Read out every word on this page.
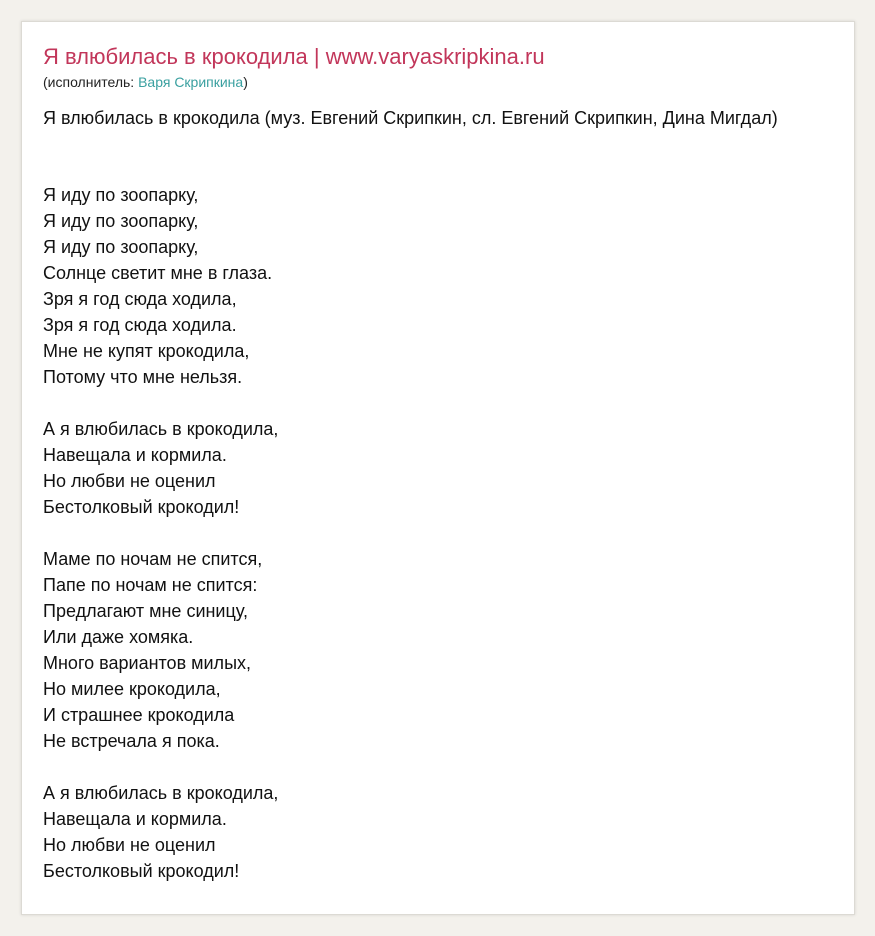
Я влюбилась в крокодила | www.varyaskripkina.ru
(исполнитель: Варя Скрипкина)
Я влюбилась в крокодила (муз. Евгений Скрипкин, сл. Евгений Скрипкин, Дина Мигдал)
Я иду по зоопарку,
Я иду по зоопарку,
Я иду по зоопарку,
Солнце светит мне в глаза.
Зря я год сюда ходила,
Зря я год сюда ходила.
Мне не купят крокодила,
Потому что мне нельзя.
А я влюбилась в крокодила,
Навещала и кормила.
Но любви не оценил
Бестолковый крокодил!
Маме по ночам не спится,
Папе по ночам не спится:
Предлагают мне синицу,
Или даже хомяка.
Много вариантов милых,
Но милее крокодила,
И страшнее крокодила
Не встречала я пока.
А я влюбилась в крокодила,
Навещала и кормила.
Но любви не оценил
Бестолковый крокодил!
